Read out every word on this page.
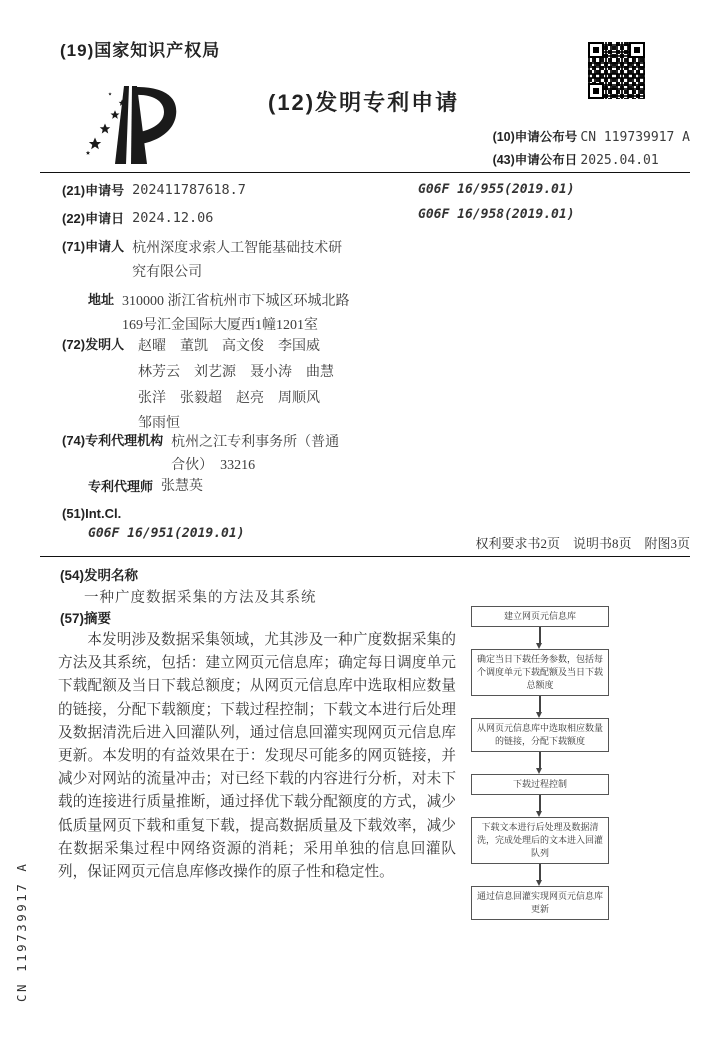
(19)国家知识产权局
(12)发明专利申请
(10)申请公布号 CN 119739917 A
(43)申请公布日 2025.04.01
(21)申请号 202411787618.7
(22)申请日 2024.12.06
(71)申请人 杭州深度求索人工智能基础技术研究有限公司
地址 310000 浙江省杭州市下城区环城北路169号汇金国际大厦西1幢1201室
(72)发明人 赵曜　董凯　高文俊　李国威
林芳云　刘艺源　聂小涛　曲慧
张洋　张毅超　赵亮　周顺风
邹雨恒
(74)专利代理机构 杭州之江专利事务所（普通合伙）　33216
专利代理师 张慧英
(51)Int.Cl.
G06F 16/951(2019.01)
G06F 16/955(2019.01)
G06F 16/958(2019.01)
权利要求书2页　说明书8页　附图3页
(54)发明名称
一种广度数据采集的方法及其系统
(57)摘要
本发明涉及数据采集领域，尤其涉及一种广度数据采集的方法及其系统，包括：建立网页元信息库；确定每日调度单元下载配额及当日下载总额度；从网页元信息库中选取相应数量的链接，分配下载额度；下载过程控制；下载文本进行后处理及数据清洗后进入回灌队列，通过信息回灌实现网页元信息库更新。本发明的有益效果在于：发现尽可能多的网页链接，并减少对网站的流量冲击；对已经下载的内容进行分析，对未下载的连接进行质量推断，通过择优下载分配额度的方式，减少低质量网页下载和重复下载，提高数据质量及下载效率，减少在数据采集过程中网络资源的消耗；采用单独的信息回灌队列，保证网页元信息库修改操作的原子性和稳定性。
建立网页元信息库
确定当日下载任务参数，包括每个调度单元下载配额及当日下载总额度
从网页元信息库中选取相应数量的链接，分配下载额度
下载过程控制
下载文本进行后处理及数据清洗，完成处理后的文本进入回灌队列
通过信息回灌实现网页元信息库更新
CN 119739917 A
